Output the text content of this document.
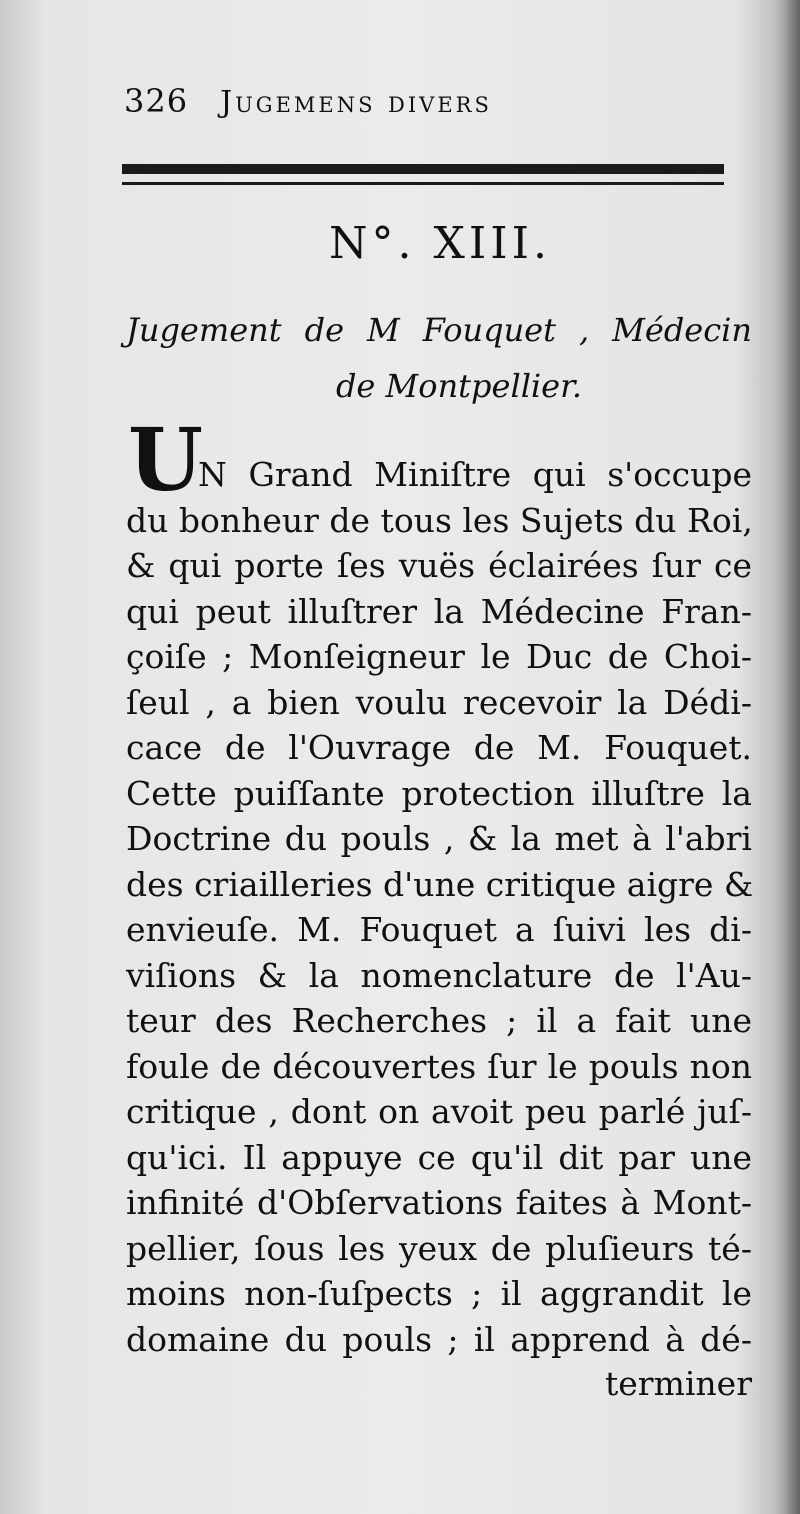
326 Jugemens divers
N°. XIII.
Jugement de M Fouquet , Médecin
de Montpellier.
U
N Grand Miniſtre qui s'occupe
du bonheur de tous les Sujets du Roi,
& qui porte ſes vuës éclairées ſur ce
qui peut illuſtrer la Médecine Fran-
çoiſe ; Monſeigneur le Duc de Choi-
ſeul , a bien voulu recevoir la Dédi-
cace de l'Ouvrage de M. Fouquet.
Cette puiſſante protection illuſtre la
Doctrine du pouls , & la met à l'abri
des criailleries d'une critique aigre &
envieuſe. M. Fouquet a ſuivi les di-
viſions & la nomenclature de l'Au-
teur des Recherches ; il a fait une
foule de découvertes ſur le pouls non
critique , dont on avoit peu parlé juſ-
qu'ici. Il appuye ce qu'il dit par une
infinité d'Obſervations faites à Mont-
pellier, ſous les yeux de pluſieurs té-
moins non-ſuſpects ; il aggrandit le
domaine du pouls ; il apprend à dé-
terminer
